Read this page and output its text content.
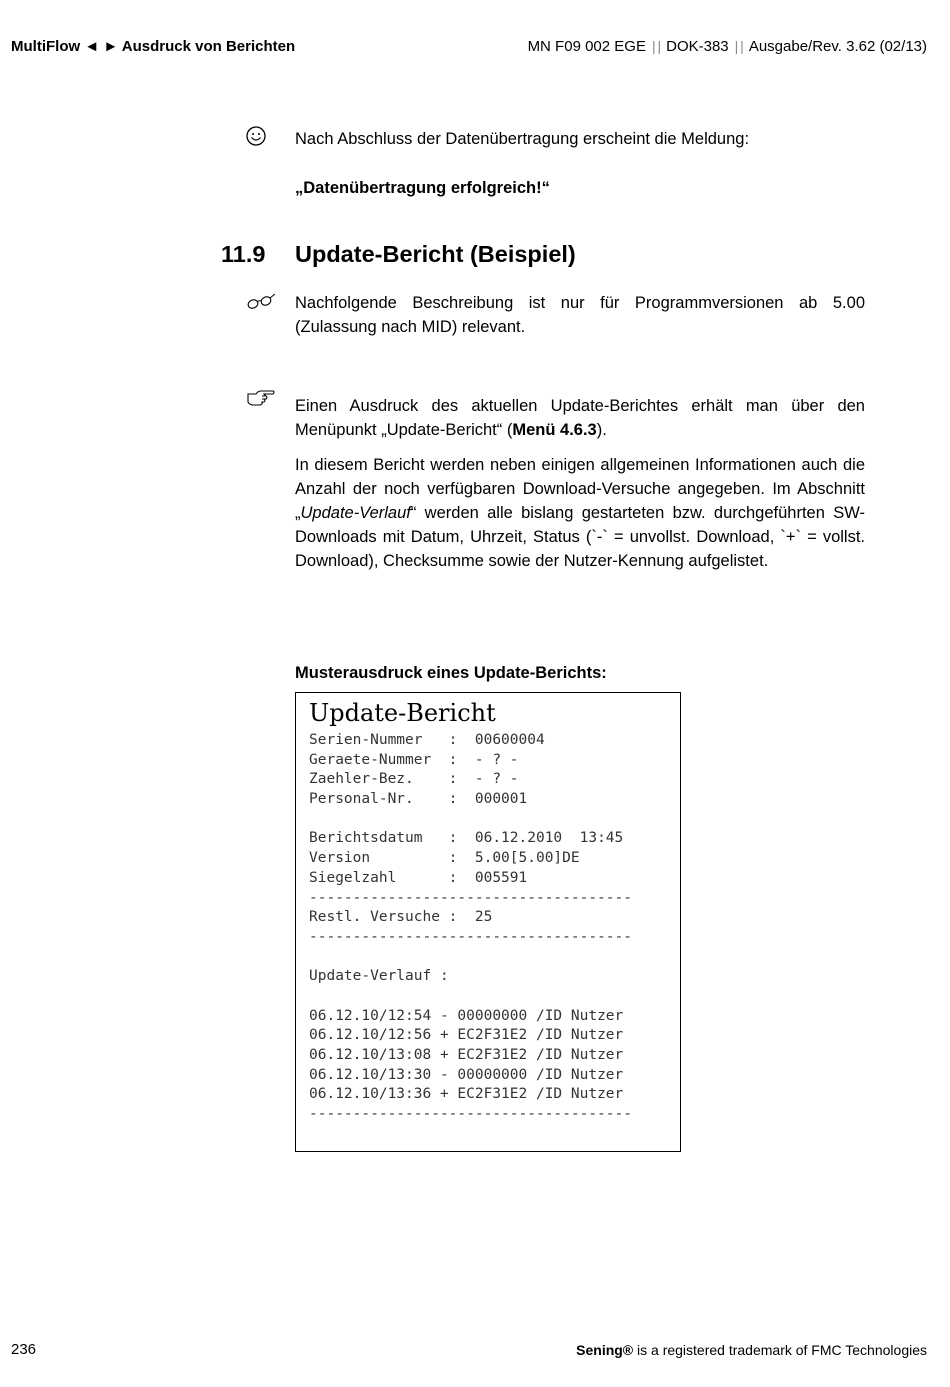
MultiFlow ◄ ► Ausdruck von Berichten	MN F09 002 EGE | | DOK-383 | | Ausgabe/Rev. 3.62 (02/13)
Nach Abschluss der Datenübertragung erscheint die Meldung:
„Datenübertragung erfolgreich!“
11.9 Update-Bericht (Beispiel)
Nachfolgende Beschreibung ist nur für Programmversionen ab 5.00 (Zulassung nach MID) relevant.
Einen Ausdruck des aktuellen Update-Berichtes erhält man über den Menüpunkt „Update-Bericht“ (Menü 4.6.3).
In diesem Bericht werden neben einigen allgemeinen Informationen auch die Anzahl der noch verfügbaren Download-Versuche angegeben. Im Abschnitt „Update-Verlauf“ werden alle bislang gestarteten bzw. durchgeführten SW-Downloads mit Datum, Uhrzeit, Status (`-` = unvollst. Download, `+` = vollst. Download), Checksumme sowie der Nutzer-Kennung aufgelistet.
Musterausdruck eines Update-Berichts:
Update-Bericht
Serien-Nummer   :  00600004
Geraete-Nummer  :  - ? -
Zaehler-Bez.    :  - ? -
Personal-Nr.    :  000001
Berichtsdatum   :  06.12.2010  13:45
Version         :  5.00[5.00]DE
Siegelzahl      :  005591
-------------------------------------
Restl. Versuche :  25
-------------------------------------
Update-Verlauf :
06.12.10/12:54 - 00000000 /ID Nutzer
06.12.10/12:56 + EC2F31E2 /ID Nutzer
06.12.10/13:08 + EC2F31E2 /ID Nutzer
06.12.10/13:30 - 00000000 /ID Nutzer
06.12.10/13:36 + EC2F31E2 /ID Nutzer
-------------------------------------
236	Sening® is a registered trademark of FMC Technologies
